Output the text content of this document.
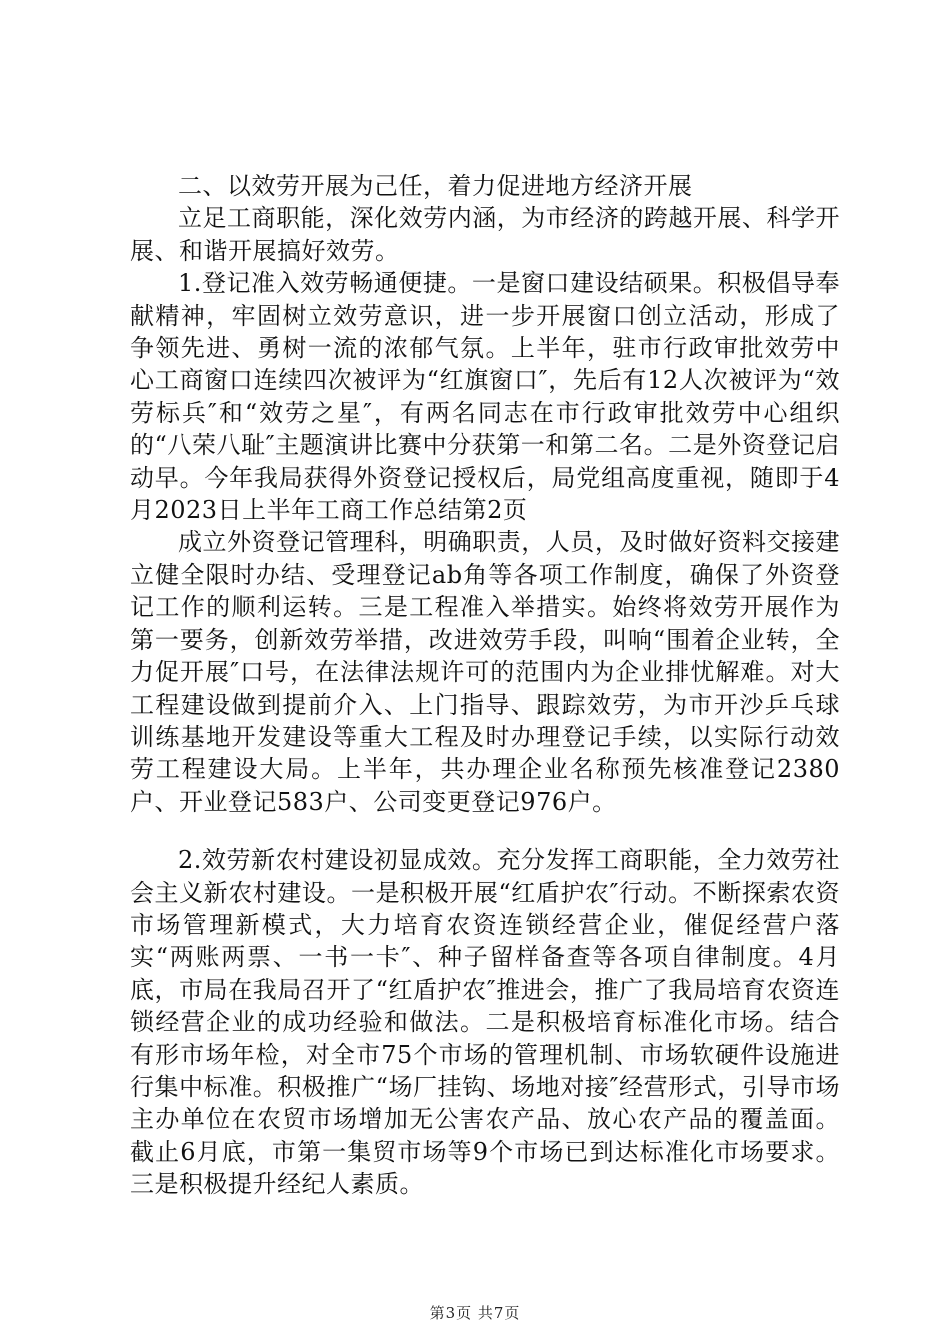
二、以效劳开展为己任，着力促进地方经济开展

立足工商职能，深化效劳内涵，为市经济的跨越开展、科学开展、和谐开展搞好效劳。

1.登记准入效劳畅通便捷。一是窗口建设结硕果。积极倡导奉献精神，牢固树立效劳意识，进一步开展窗口创立活动，形成了争领先进、勇树一流的浓郁气氛。上半年，驻市行政审批效劳中心工商窗口连续四次被评为“红旗窗口″，先后有12人次被评为“效劳标兵″和“效劳之星″，有两名同志在市行政审批效劳中心组织的“八荣八耻″主题演讲比赛中分获第一和第二名。二是外资登记启动早。今年我局获得外资登记授权后，局党组高度重视，随即于4月2023日上半年工商工作总结第2页

成立外资登记管理科，明确职责，人员，及时做好资料交接建立健全限时办结、受理登记ab角等各项工作制度，确保了外资登记工作的顺利运转。三是工程准入举措实。始终将效劳开展作为第一要务，创新效劳举措，改进效劳手段，叫响“围着企业转，全力促开展″口号，在法律法规许可的范围内为企业排忧解难。对大工程建设做到提前介入、上门指导、跟踪效劳，为市开沙乒乓球训练基地开发建设等重大工程及时办理登记手续，以实际行动效劳工程建设大局。上半年，共办理企业名称预先核准登记2380户、开业登记583户、公司变更登记976户。

2.效劳新农村建设初显成效。充分发挥工商职能，全力效劳社会主义新农村建设。一是积极开展“红盾护农″行动。不断探索农资市场管理新模式，大力培育农资连锁经营企业，催促经营户落实“两账两票、一书一卡″、种子留样备查等各项自律制度。4月底，市局在我局召开了“红盾护农″推进会，推广了我局培育农资连锁经营企业的成功经验和做法。二是积极培育标准化市场。结合有形市场年检，对全市75个市场的管理机制、市场软硬件设施进行集中标准。积极推广“场厂挂钩、场地对接″经营形式，引导市场主办单位在农贸市场增加无公害农产品、放心农产品的覆盖面。截止6月底，市第一集贸市场等9个市场已到达标准化市场要求。三是积极提升经纪人素质。

第3页 共7页
